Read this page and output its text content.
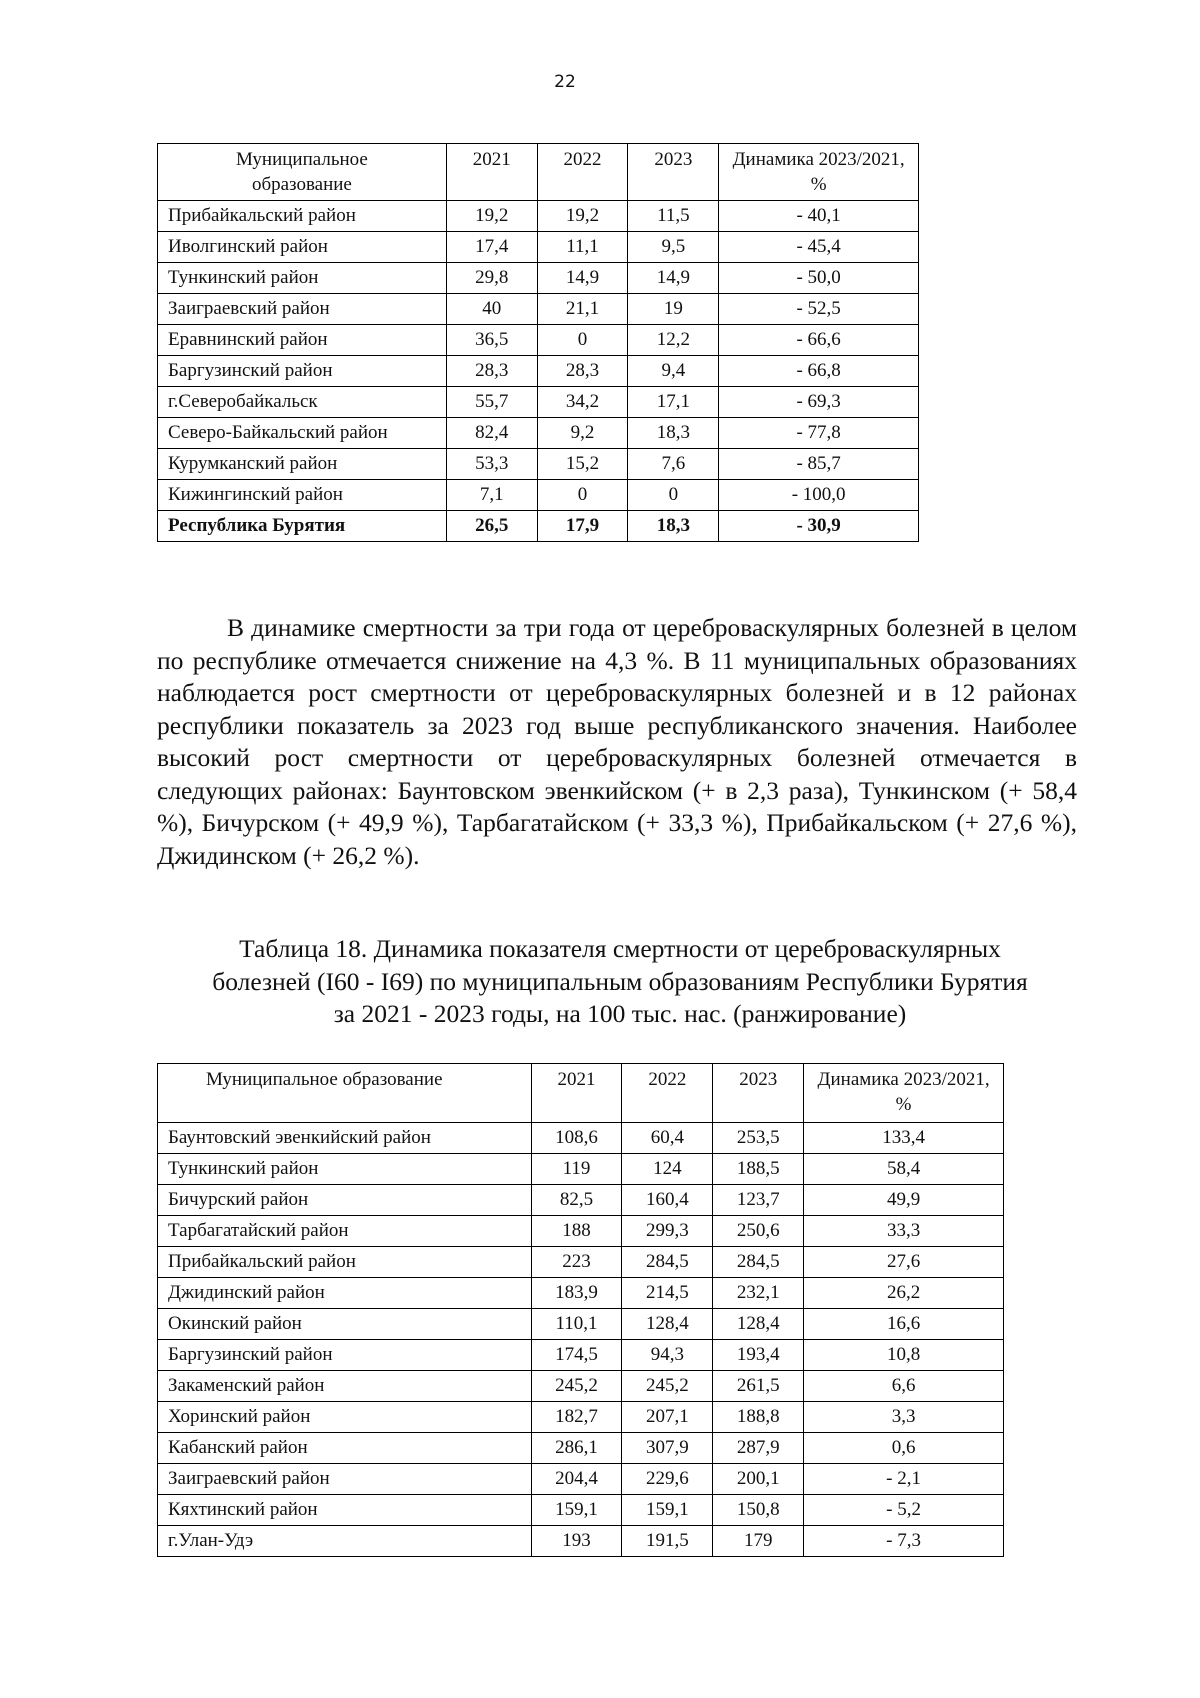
22
Муниципальное образование	2021	2022	2023	Динамика 2023/2021, %
Прибайкальский район	19,2	19,2	11,5	- 40,1
Иволгинский район	17,4	11,1	9,5	- 45,4
Тункинский район	29,8	14,9	14,9	- 50,0
Заиграевский район	40	21,1	19	- 52,5
Еравнинский район	36,5	0	12,2	- 66,6
Баргузинский район	28,3	28,3	9,4	- 66,8
г.Северобайкальск	55,7	34,2	17,1	- 69,3
Северо-Байкальский район	82,4	9,2	18,3	- 77,8
Курумканский район	53,3	15,2	7,6	- 85,7
Кижингинский район	7,1	0	0	- 100,0
Республика Бурятия	26,5	17,9	18,3	- 30,9

В динамике смертности за три года от цереброваскулярных болезней в целом по республике отмечается снижение на 4,3 %. В 11 муниципальных образованиях наблюдается рост смертности от цереброваскулярных болезней и в 12 районах республики показатель за 2023 год выше республиканского значения. Наиболее высокий рост смертности от цереброваскулярных болезней отмечается в следующих районах: Баунтовском эвенкийском (+ в 2,3 раза), Тункинском (+ 58,4 %), Бичурском (+ 49,9 %), Тарбагатайском (+ 33,3 %), Прибайкальском (+ 27,6 %), Джидинском (+ 26,2 %).

Таблица 18. Динамика показателя смертности от цереброваскулярных
болезней (I60 - I69) по муниципальным образованиям Республики Бурятия
за 2021 - 2023 годы, на 100 тыс. нас. (ранжирование)
Муниципальное образование	2021	2022	2023	Динамика 2023/2021, %
Баунтовский эвенкийский район	108,6	60,4	253,5	133,4
Тункинский район	119	124	188,5	58,4
Бичурский район	82,5	160,4	123,7	49,9
Тарбагатайский район	188	299,3	250,6	33,3
Прибайкальский район	223	284,5	284,5	27,6
Джидинский район	183,9	214,5	232,1	26,2
Окинский район	110,1	128,4	128,4	16,6
Баргузинский район	174,5	94,3	193,4	10,8
Закаменский район	245,2	245,2	261,5	6,6
Хоринский район	182,7	207,1	188,8	3,3
Кабанский район	286,1	307,9	287,9	0,6
Заиграевский район	204,4	229,6	200,1	- 2,1
Кяхтинский район	159,1	159,1	150,8	- 5,2
г.Улан-Удэ	193	191,5	179	- 7,3
